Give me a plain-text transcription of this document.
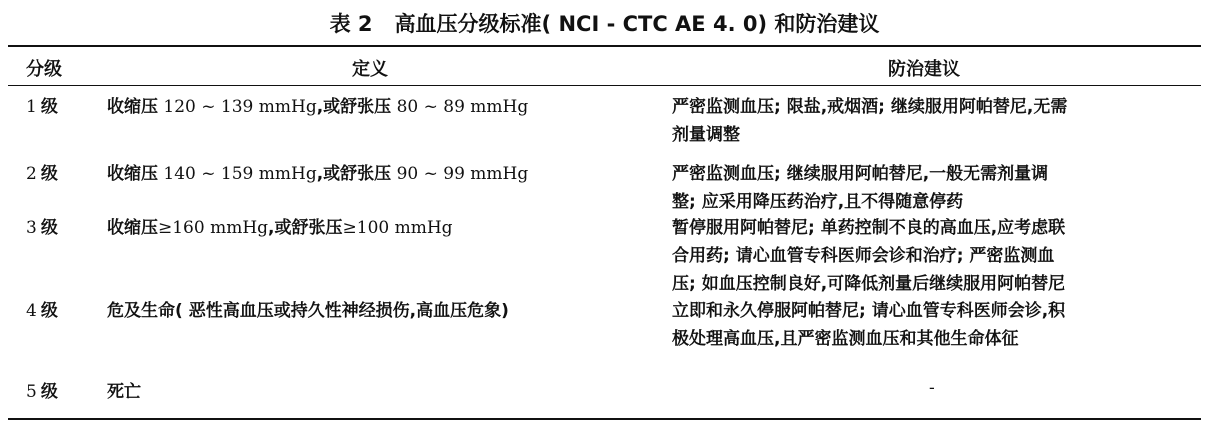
表 2 高血压分级标准( NCI - CTC AE 4. 0) 和防治建议
分级	定义	防治建议
1 级	收缩压 120 ~ 139 mmHg,或舒张压 80 ~ 89 mmHg	严密监测血压; 限盐,戒烟酒; 继续服用阿帕替尼,无需
剂量调整
2 级	收缩压 140 ~ 159 mmHg,或舒张压 90 ~ 99 mmHg	严密监测血压; 继续服用阿帕替尼,一般无需剂量调
整; 应采用降压药治疗,且不得随意停药
3 级	收缩压≥160 mmHg,或舒张压≥100 mmHg	暂停服用阿帕替尼; 单药控制不良的高血压,应考虑联
合用药; 请心血管专科医师会诊和治疗; 严密监测血
压; 如血压控制良好,可降低剂量后继续服用阿帕替尼
4 级	危及生命( 恶性高血压或持久性神经损伤,高血压危象)	立即和永久停服阿帕替尼; 请心血管专科医师会诊,积
极处理高血压,且严密监测血压和其他生命体征
5 级	死亡	-
